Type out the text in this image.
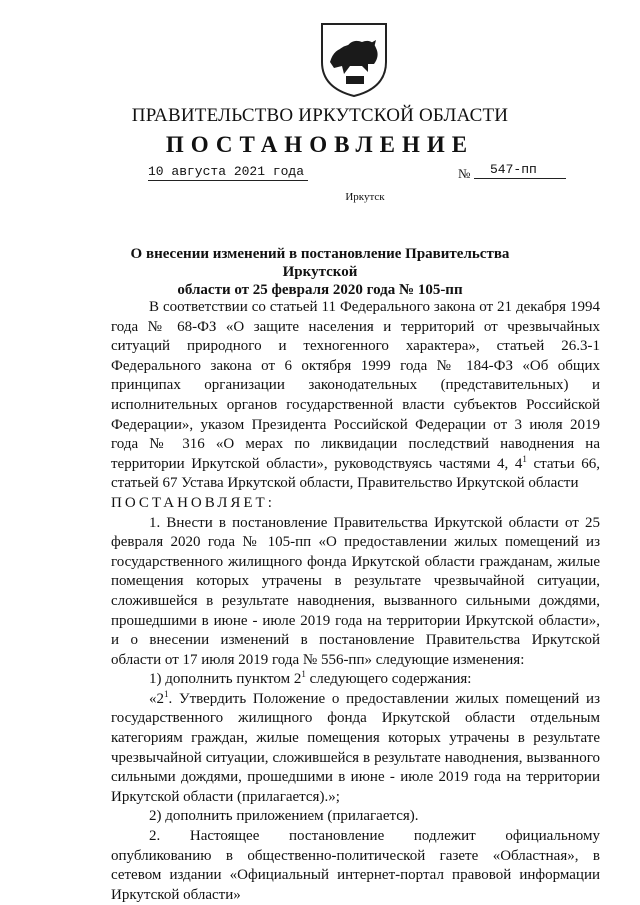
ПРАВИТЕЛЬСТВО ИРКУТСКОЙ ОБЛАСТИ
ПОСТАНОВЛЕНИЕ
10 августа 2021 года	№	547-пп
Иркутск
О внесении изменений в постановление Правительства Иркутской
области от 25 февраля 2020 года № 105-пп

В соответствии со статьей 11 Федерального закона от 21 декабря 1994 года № 68-ФЗ «О защите населения и территорий от чрезвычайных ситуаций природного и техногенного характера», статьей 26.3-1 Федерального закона от 6 октября 1999 года № 184-ФЗ «Об общих принципах организации законодательных (представительных) и исполнительных органов государственной власти субъектов Российской Федерации», указом Президента Российской Федерации от 3 июля 2019 года № 316 «О мерах по ликвидации последствий наводнения на территории Иркутской области», руководствуясь частями 4, $4^1$ статьи 66, статьей 67 Устава Иркутской области, Правительство Иркутской области

ПОСТАНОВЛЯЕТ:

1. Внести в постановление Правительства Иркутской области от 25 февраля 2020 года № 105-пп «О предоставлении жилых помещений из государственного жилищного фонда Иркутской области гражданам, жилые помещения которых утрачены в результате чрезвычайной ситуации, сложившейся в результате наводнения, вызванного сильными дождями, прошедшими в июне - июле 2019 года на территории Иркутской области», и о внесении изменений в постановление Правительства Иркутской области от 17 июля 2019 года № 556-пп» следующие изменения:

1) дополнить пунктом $2^1$ следующего содержания:

«$2^1$. Утвердить Положение о предоставлении жилых помещений из государственного жилищного фонда Иркутской области отдельным категориям граждан, жилые помещения которых утрачены в результате чрезвычайной ситуации, сложившейся в результате наводнения, вызванного сильными дождями, прошедшими в июне - июле 2019 года на территории Иркутской области (прилагается).»;

2) дополнить приложением (прилагается).

2. Настоящее постановление подлежит официальному опубликованию в общественно-политической газете «Областная», в сетевом издании «Официальный интернет-портал правовой информации Иркутской области»
